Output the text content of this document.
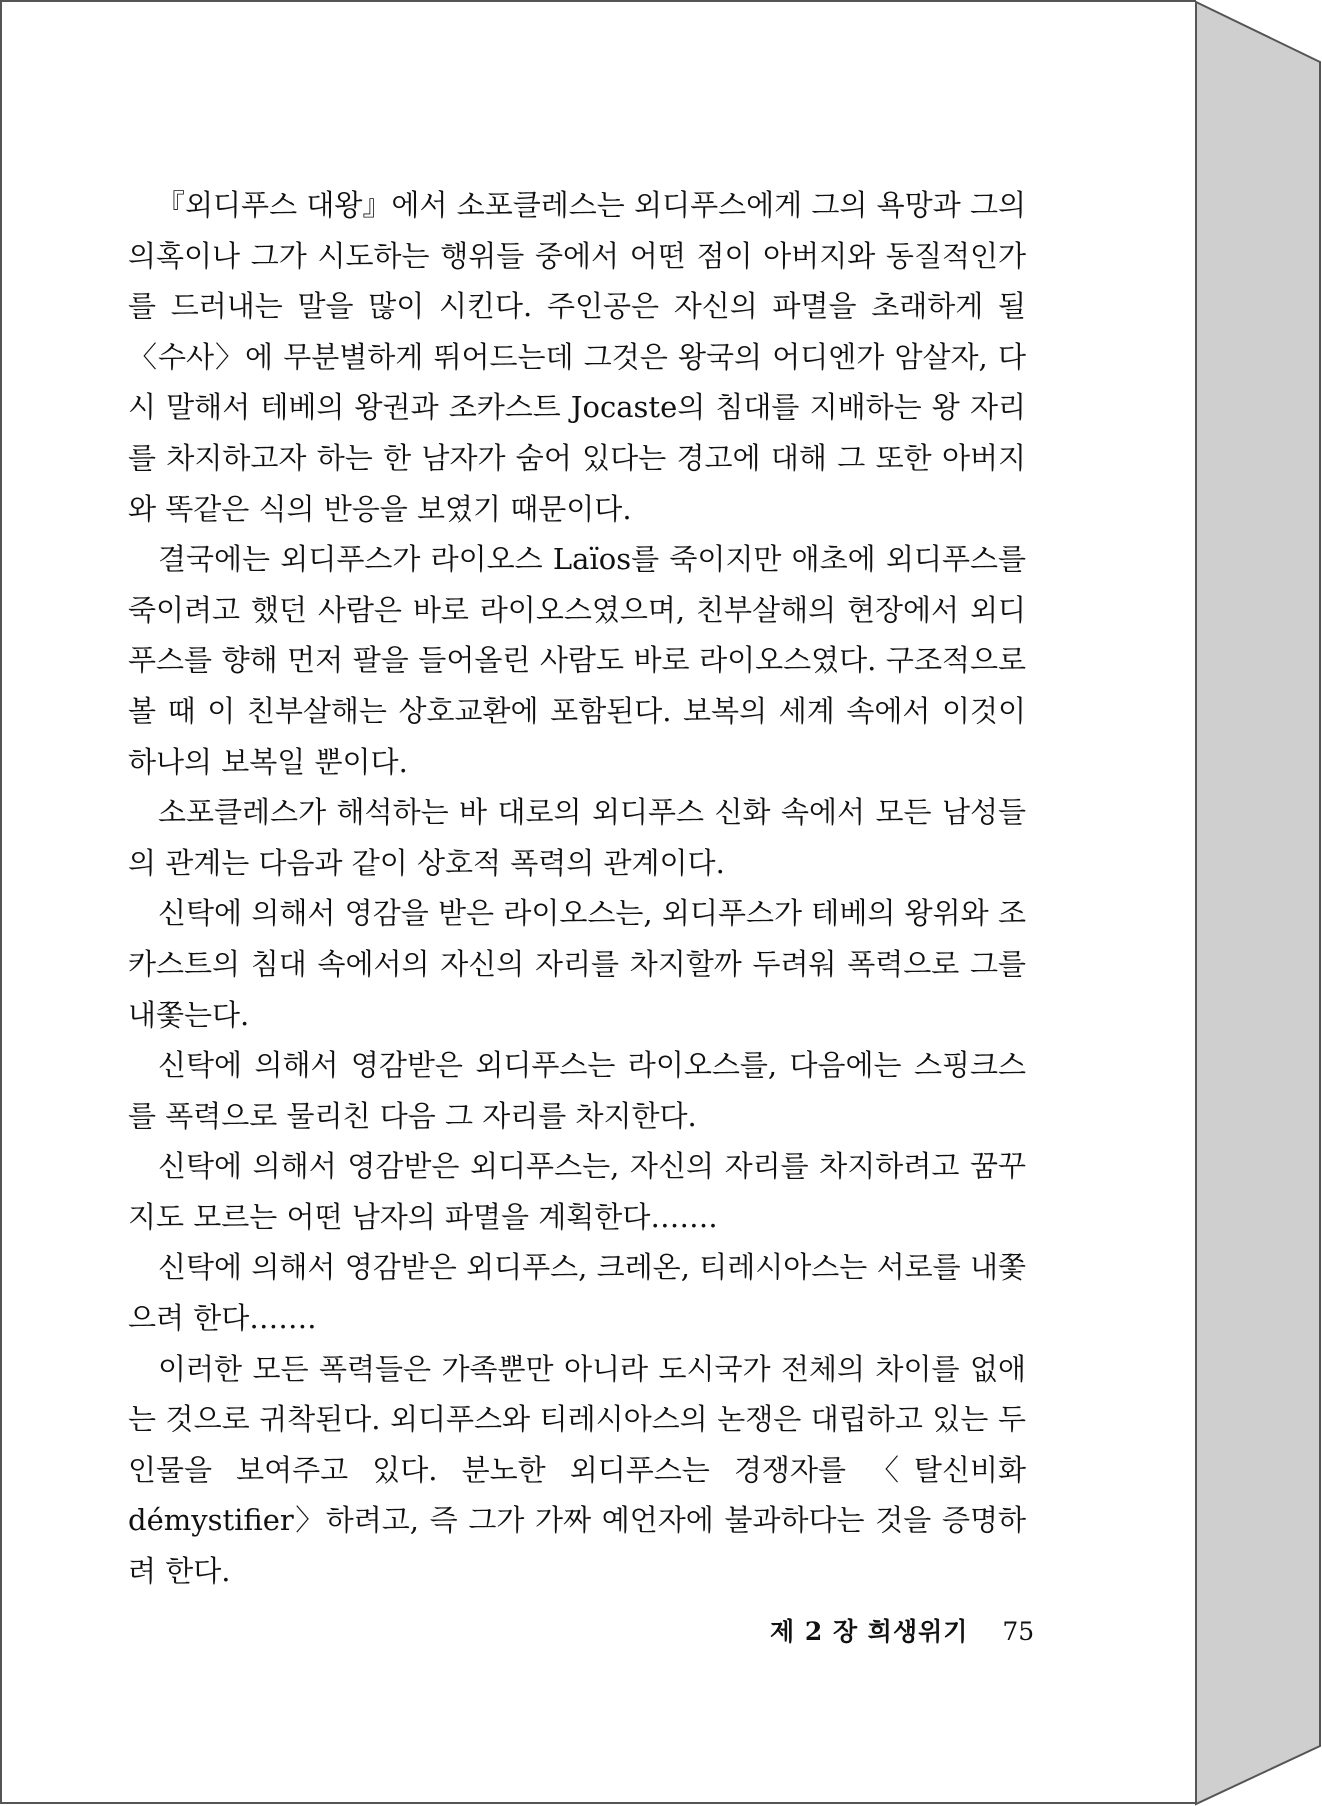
『외디푸스 대왕』에서 소포클레스는 외디푸스에게 그의 욕망과 그의 의혹이나 그가 시도하는 행위들 중에서 어떤 점이 아버지와 동질적인가를 드러내는 말을 많이 시킨다. 주인공은 자신의 파멸을 초래하게 될 〈수사〉에 무분별하게 뛰어드는데 그것은 왕국의 어디엔가 암살자, 다시 말해서 테베의 왕권과 조카스트 Jocaste의 침대를 지배하는 왕 자리를 차지하고자 하는 한 남자가 숨어 있다는 경고에 대해 그 또한 아버지와 똑같은 식의 반응을 보였기 때문이다.

결국에는 외디푸스가 라이오스 Laïos를 죽이지만 애초에 외디푸스를 죽이려고 했던 사람은 바로 라이오스였으며, 친부살해의 현장에서 외디푸스를 향해 먼저 팔을 들어올린 사람도 바로 라이오스였다. 구조적으로 볼 때 이 친부살해는 상호교환에 포함된다. 보복의 세계 속에서 이것이 하나의 보복일 뿐이다.

소포클레스가 해석하는 바 대로의 외디푸스 신화 속에서 모든 남성들의 관계는 다음과 같이 상호적 폭력의 관계이다.

신탁에 의해서 영감을 받은 라이오스는, 외디푸스가 테베의 왕위와 조카스트의 침대 속에서의 자신의 자리를 차지할까 두려워 폭력으로 그를 내쫓는다.

신탁에 의해서 영감받은 외디푸스는 라이오스를, 다음에는 스핑크스를 폭력으로 물리친 다음 그 자리를 차지한다.

신탁에 의해서 영감받은 외디푸스는, 자신의 자리를 차지하려고 꿈꾸지도 모르는 어떤 남자의 파멸을 계획한다…….

신탁에 의해서 영감받은 외디푸스, 크레온, 티레시아스는 서로를 내쫓으려 한다…….

이러한 모든 폭력들은 가족뿐만 아니라 도시국가 전체의 차이를 없애는 것으로 귀착된다. 외디푸스와 티레시아스의 논쟁은 대립하고 있는 두 인물을 보여주고 있다. 분노한 외디푸스는 경쟁자를 〈탈신비화 démystifier〉하려고, 즉 그가 가짜 예언자에 불과하다는 것을 증명하려 한다.

제 2 장 희생위기 75
